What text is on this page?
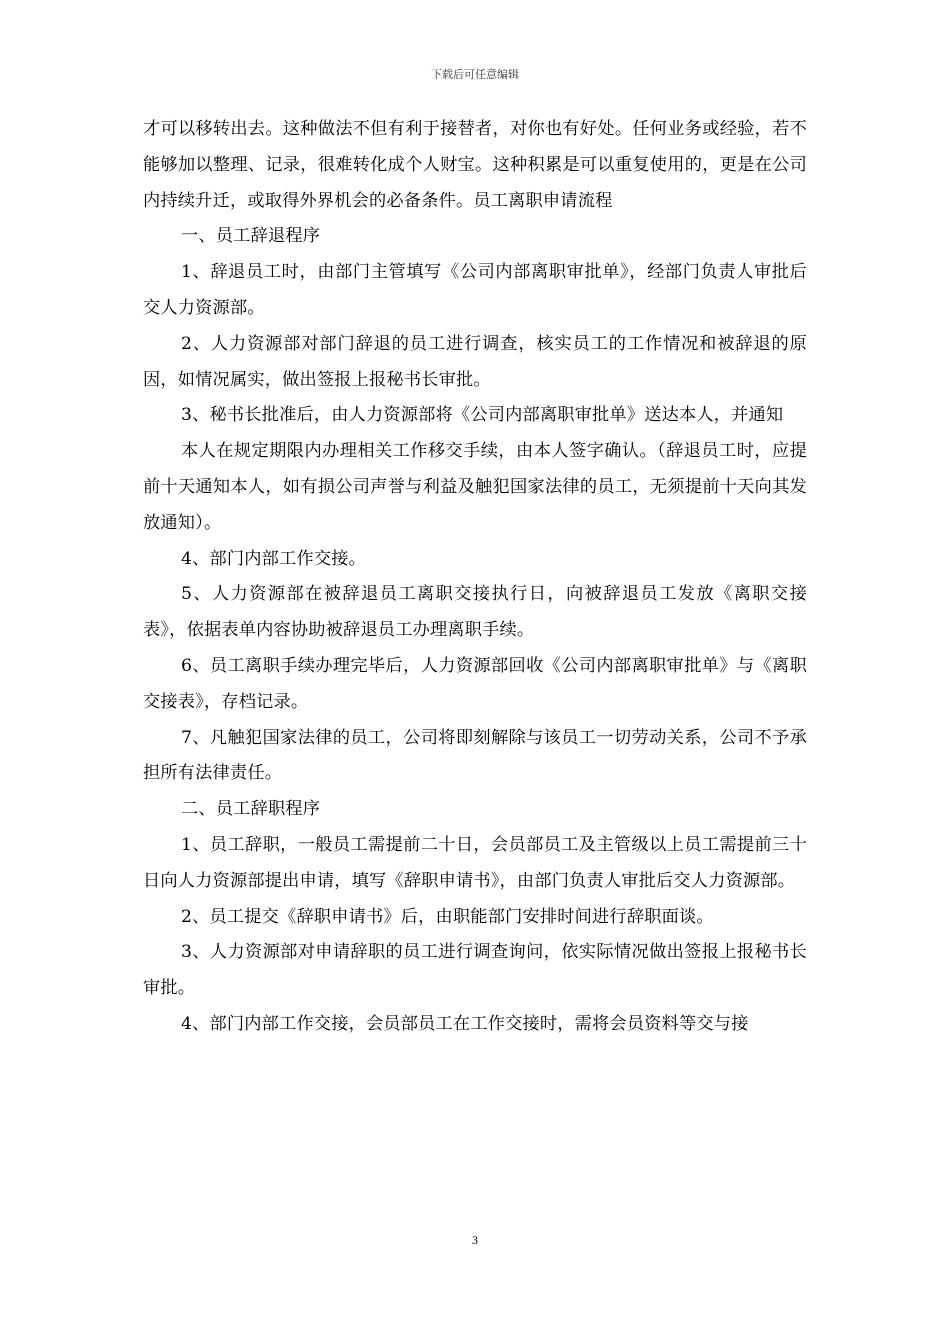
下载后可任意编辑

才可以移转出去。这种做法不但有利于接替者，对你也有好处。任何业务或经验，若不能够加以整理、记录，很难转化成个人财宝。这种积累是可以重复使用的，更是在公司内持续升迁，或取得外界机会的必备条件。员工离职申请流程

一、员工辞退程序

1、辞退员工时，由部门主管填写《公司内部离职审批单》，经部门负责人审批后交人力资源部。

2、人力资源部对部门辞退的员工进行调查，核实员工的工作情况和被辞退的原因，如情况属实，做出签报上报秘书长审批。

3、秘书长批准后，由人力资源部将《公司内部离职审批单》送达本人，并通知

本人在规定期限内办理相关工作移交手续，由本人签字确认。（辞退员工时，应提前十天通知本人，如有损公司声誉与利益及触犯国家法律的员工，无须提前十天向其发放通知）。

4、部门内部工作交接。

5、人力资源部在被辞退员工离职交接执行日，向被辞退员工发放《离职交接表》，依据表单内容协助被辞退员工办理离职手续。

6、员工离职手续办理完毕后，人力资源部回收《公司内部离职审批单》与《离职交接表》，存档记录。

7、凡触犯国家法律的员工，公司将即刻解除与该员工一切劳动关系，公司不予承担所有法律责任。

二、员工辞职程序

1、员工辞职，一般员工需提前二十日，会员部员工及主管级以上员工需提前三十日向人力资源部提出申请，填写《辞职申请书》，由部门负责人审批后交人力资源部。

2、员工提交《辞职申请书》后，由职能部门安排时间进行辞职面谈。

3、人力资源部对申请辞职的员工进行调查询问，依实际情况做出签报上报秘书长审批。

4、部门内部工作交接，会员部员工在工作交接时，需将会员资料等交与接

3
